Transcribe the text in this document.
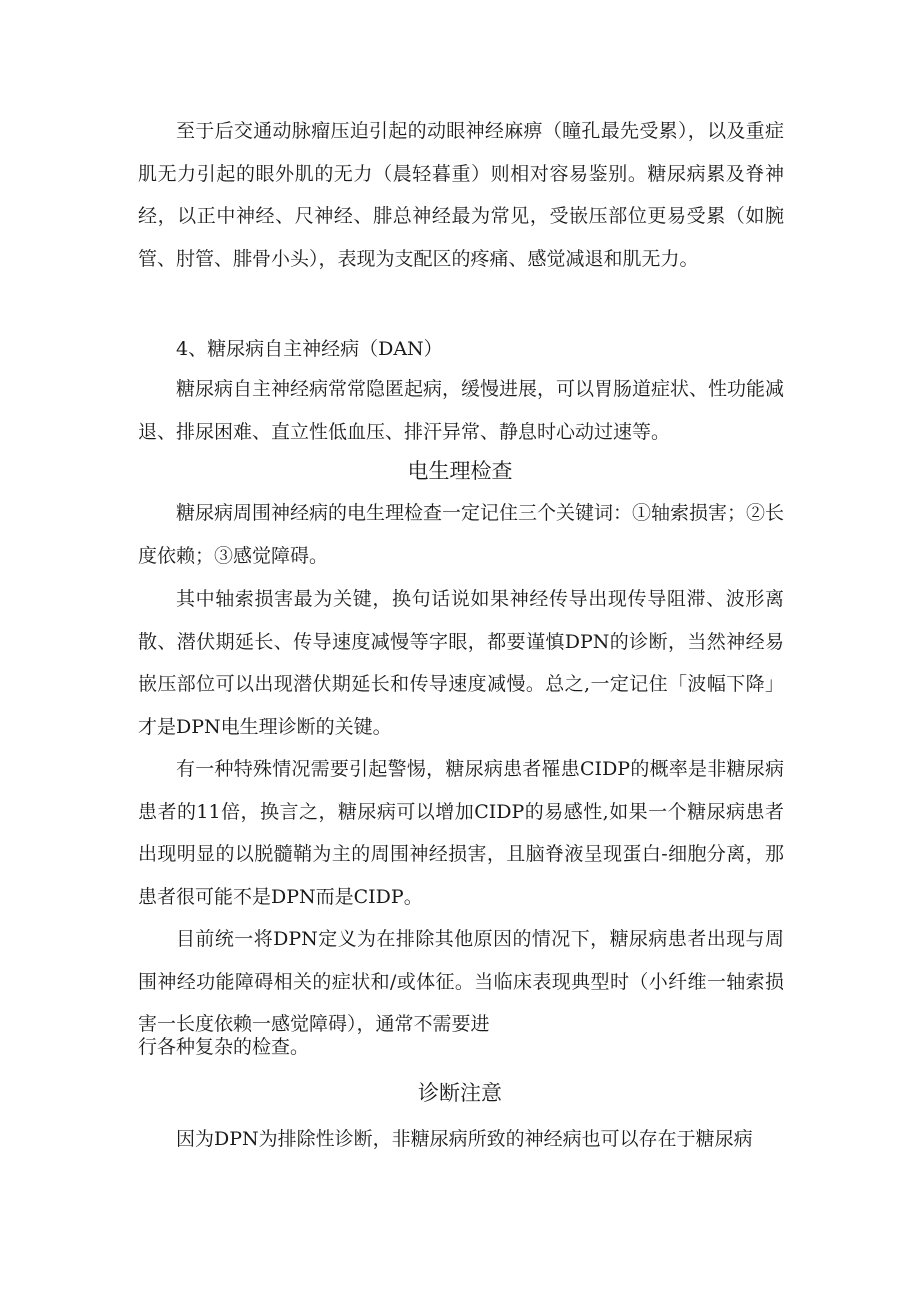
至于后交通动脉瘤压迫引起的动眼神经麻痹（瞳孔最先受累），以及重症肌无力引起的眼外肌的无力（晨轻暮重）则相对容易鉴别。糖尿病累及脊神经，以正中神经、尺神经、腓总神经最为常见，受嵌压部位更易受累（如腕管、肘管、腓骨小头），表现为支配区的疼痛、感觉减退和肌无力。

4、糖尿病自主神经病（DAN）

糖尿病自主神经病常常隐匿起病，缓慢进展，可以胃肠道症状、性功能减退、排尿困难、直立性低血压、排汗异常、静息时心动过速等。

电生理检查

糖尿病周围神经病的电生理检查一定记住三个关键词：①轴索损害；②长度依赖；③感觉障碍。

其中轴索损害最为关键，换句话说如果神经传导出现传导阻滞、波形离散、潜伏期延长、传导速度减慢等字眼，都要谨慎DPN的诊断，当然神经易嵌压部位可以出现潜伏期延长和传导速度减慢。总之,一定记住「波幅下降」才是DPN电生理诊断的关键。

有一种特殊情况需要引起警惕，糖尿病患者罹患CIDP的概率是非糖尿病患者的11倍，换言之，糖尿病可以增加CIDP的易感性,如果一个糖尿病患者出现明显的以脱髓鞘为主的周围神经损害，且脑脊液呈现蛋白-细胞分离，那患者很可能不是DPN而是CIDP。

目前统一将DPN定义为在排除其他原因的情况下，糖尿病患者出现与周围神经功能障碍相关的症状和/或体征。当临床表现典型时（小纤维一轴索损害一长度依赖一感觉障碍），通常不需要进

行各种复杂的检查。

诊断注意

因为DPN为排除性诊断，非糖尿病所致的神经病也可以存在于糖尿病
